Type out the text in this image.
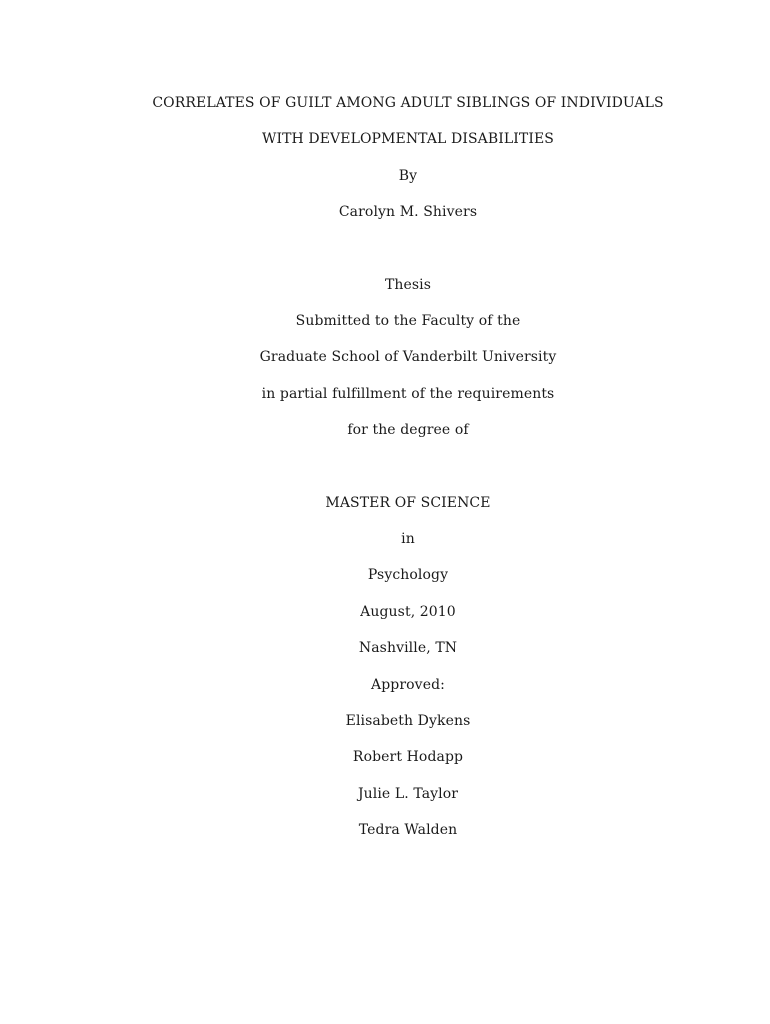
CORRELATES OF GUILT AMONG ADULT SIBLINGS OF INDIVIDUALS
WITH DEVELOPMENTAL DISABILITIES
By
Carolyn M. Shivers
Thesis
Submitted to the Faculty of the
Graduate School of Vanderbilt University
in partial fulfillment of the requirements
for the degree of
MASTER OF SCIENCE
in
Psychology
August, 2010
Nashville, TN
Approved:
Elisabeth Dykens
Robert Hodapp
Julie L. Taylor
Tedra Walden
